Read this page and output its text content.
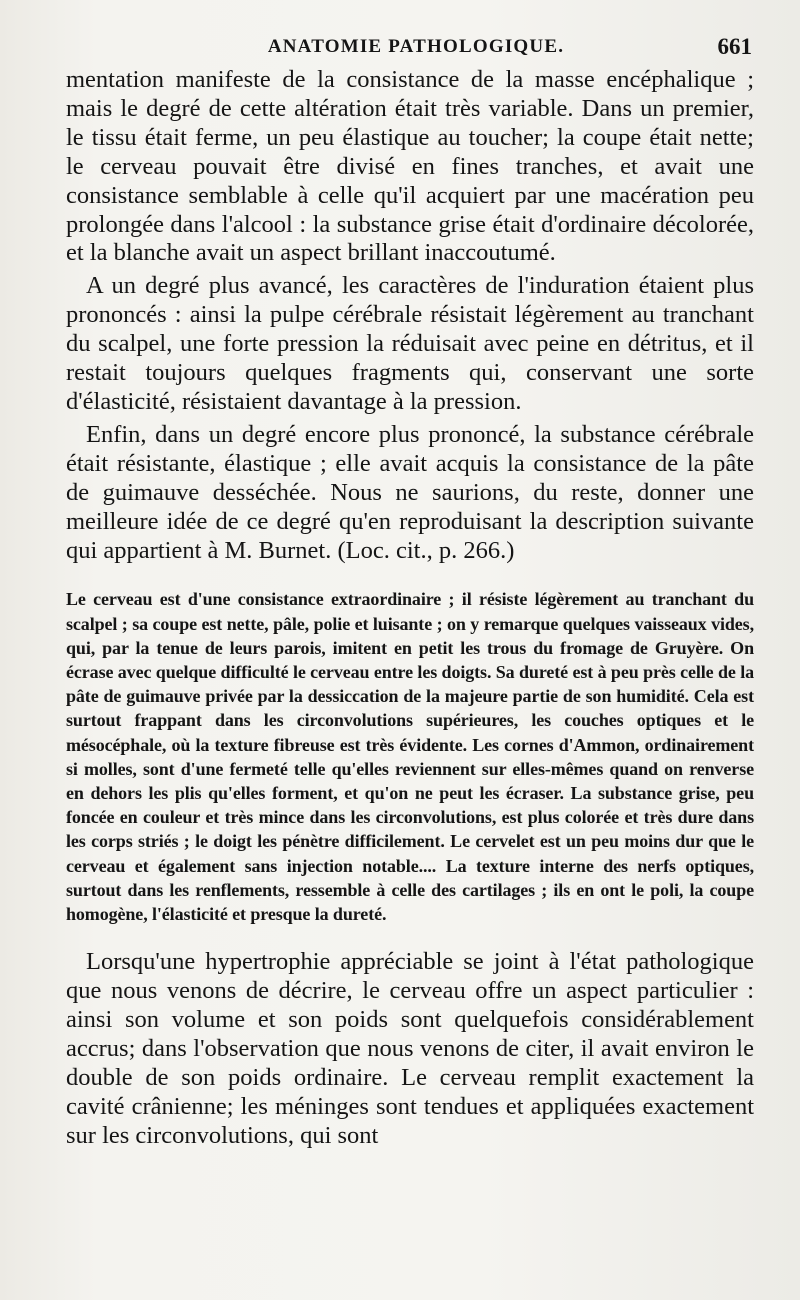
ANATOMIE PATHOLOGIQUE.	661

mentation manifeste de la consistance de la masse encéphalique ; mais le degré de cette altération était très variable. Dans un premier, le tissu était ferme, un peu élastique au toucher; la coupe était nette; le cerveau pouvait être divisé en fines tranches, et avait une consistance semblable à celle qu'il acquiert par une macération peu prolongée dans l'alcool : la substance grise était d'ordinaire décolorée, et la blanche avait un aspect brillant inaccoutumé.

A un degré plus avancé, les caractères de l'induration étaient plus prononcés : ainsi la pulpe cérébrale résistait légèrement au tranchant du scalpel, une forte pression la réduisait avec peine en détritus, et il restait toujours quelques fragments qui, conservant une sorte d'élasticité, résistaient davantage à la pression.

Enfin, dans un degré encore plus prononcé, la substance cérébrale était résistante, élastique ; elle avait acquis la consistance de la pâte de guimauve desséchée. Nous ne saurions, du reste, donner une meilleure idée de ce degré qu'en reproduisant la description suivante qui appartient à M. Burnet. (Loc. cit., p. 266.)

Le cerveau est d'une consistance extraordinaire ; il résiste légèrement au tranchant du scalpel ; sa coupe est nette, pâle, polie et luisante ; on y remarque quelques vaisseaux vides, qui, par la tenue de leurs parois, imitent en petit les trous du fromage de Gruyère. On écrase avec quelque difficulté le cerveau entre les doigts. Sa dureté est à peu près celle de la pâte de guimauve privée par la dessiccation de la majeure partie de son humidité. Cela est surtout frappant dans les circonvolutions supérieures, les couches optiques et le mésocéphale, où la texture fibreuse est très évidente. Les cornes d'Ammon, ordinairement si molles, sont d'une fermeté telle qu'elles reviennent sur elles-mêmes quand on renverse en dehors les plis qu'elles forment, et qu'on ne peut les écraser. La substance grise, peu foncée en couleur et très mince dans les circonvolutions, est plus colorée et très dure dans les corps striés ; le doigt les pénètre difficilement. Le cervelet est un peu moins dur que le cerveau et également sans injection notable.... La texture interne des nerfs optiques, surtout dans les renflements, ressemble à celle des cartilages ; ils en ont le poli, la coupe homogène, l'élasticité et presque la dureté.

Lorsqu'une hypertrophie appréciable se joint à l'état pathologique que nous venons de décrire, le cerveau offre un aspect particulier : ainsi son volume et son poids sont quelquefois considérablement accrus; dans l'observation que nous venons de citer, il avait environ le double de son poids ordinaire. Le cerveau remplit exactement la cavité crânienne; les méninges sont tendues et appliquées exactement sur les circonvolutions, qui sont
